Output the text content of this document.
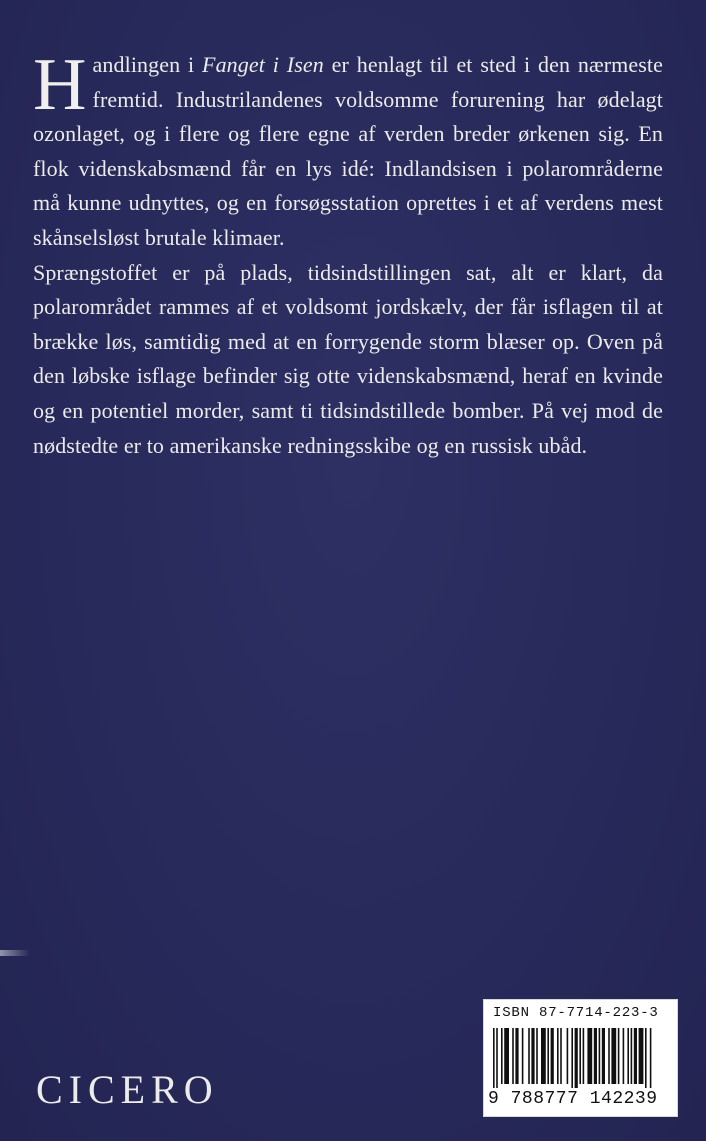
Handlingen i Fanget i Isen er henlagt til et sted i den nærmeste fremtid. Industrilandenes voldsomme forurening har ødelagt ozonlaget, og i flere og flere egne af verden breder ørkenen sig. En flok videnskabsmænd får en lys idé: Indlandsisen i polarområderne må kunne udnyttes, og en forsøgsstation oprettes i et af verdens mest skånselsløst brutale klimaer.

Sprængstoffet er på plads, tidsindstillingen sat, alt er klart, da polarområdet rammes af et voldsomt jordskælv, der får isflagen til at brække løs, samtidig med at en forrygende storm blæser op. Oven på den løbske isflage befinder sig otte videnskabsmænd, heraf en kvinde og en potentiel morder, samt ti tidsindstillede bomber. På vej mod de nødstedte er to amerikanske redningsskibe og en russisk ubåd.

CICERO
ISBN 87-7714-223-3
9 788777 142239
